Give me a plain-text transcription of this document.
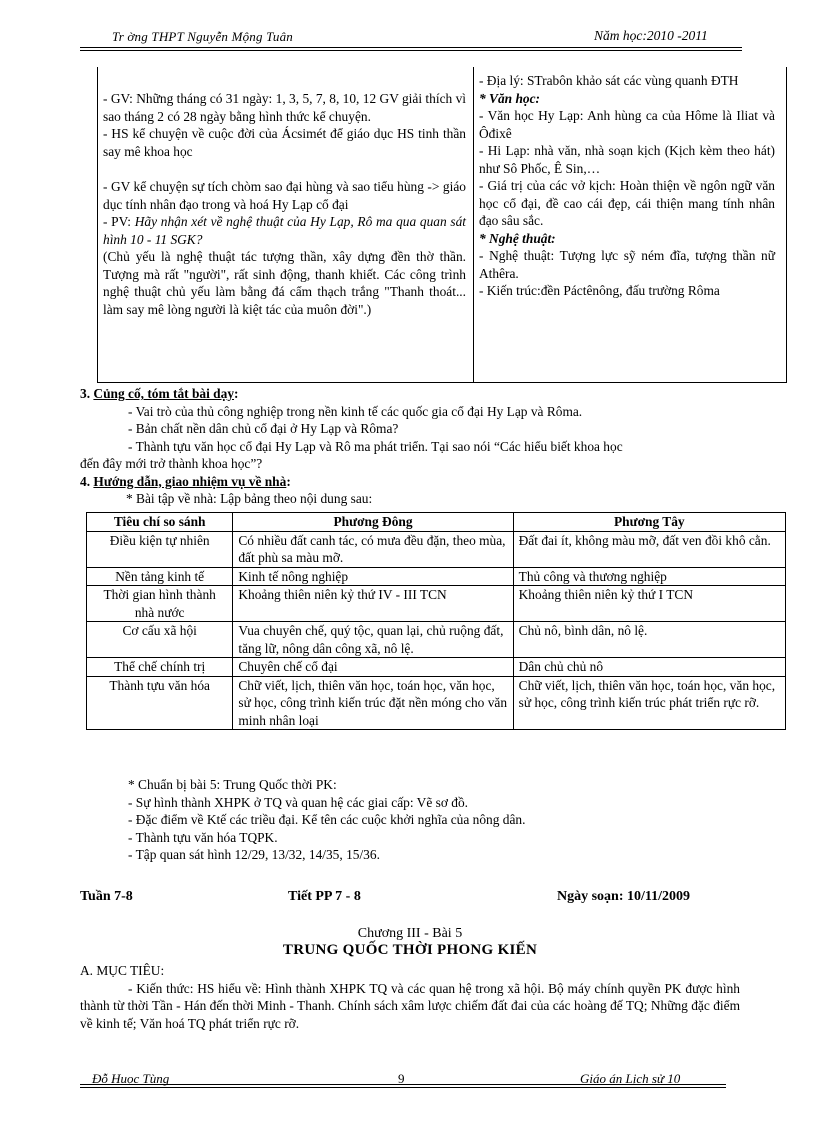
Tr ờng THPT Nguyễn Mộng Tuân	Năm học:2010 -2011

- GV: Những tháng có 31 ngày: 1, 3, 5, 7, 8, 10, 12 GV giải thích vì sao tháng 2 có 28 ngày bằng hình thức kể chuyện.

- HS kể chuyện về cuộc đời của Ácsimét để giáo dục HS tinh thần say mê khoa học

- GV kể chuyện sự tích chòm sao đại hùng và sao tiểu hùng -> giáo dục tính nhân đạo trong và hoá Hy Lạp cổ đại

- PV: Hãy nhận xét về nghệ thuật của Hy Lạp, Rô ma qua quan sát hình 10 - 11 SGK?

(Chủ yếu là nghệ thuật tác tượng thần, xây dựng đền thờ thần. Tượng mà rất "người", rất sinh động, thanh khiết. Các công trình nghệ thuật chủ yếu làm bằng đá cẩm thạch trắng "Thanh thoát... làm say mê lòng người là kiệt tác của muôn đời".)

- Địa lý: STrabôn khảo sát các vùng quanh ĐTH

* Văn học:

- Văn học Hy Lạp: Anh hùng ca của Hôme là Iliat và Ôđixê

- Hi Lạp: nhà văn, nhà soạn kịch (Kịch kèm theo hát) như Sô Phốc, Ê Sin,…

- Giá trị của các vở kịch: Hoàn thiện về ngôn ngữ văn học cổ đại, đề cao cái đẹp, cái thiện mang tính nhân đạo sâu sắc.

* Nghệ thuật:

- Nghệ thuật: Tượng lực sỹ ném đĩa, tượng thần nữ Athêra.

- Kiến trúc:đền Páctênông, đấu trường Rôma

3. Củng cố, tóm tắt bài dạy:

- Vai trò của thủ công nghiệp trong nền kinh tế các quốc gia cổ đại Hy Lạp và Rôma.

- Bản chất nền dân chủ cổ đại ở Hy Lạp và Rôma?

- Thành tựu văn học cổ đại Hy Lạp và Rô ma phát triển. Tại sao nói “Các hiểu biết khoa học

đến đây mới trở thành khoa học”?

4. Hướng dẫn, giao nhiệm vụ về nhà:

* Bài tập về nhà: Lập bảng theo nội dung sau:

Tiêu chí so sánh	Phương Đông	Phương Tây
Điều kiện tự nhiên	Có nhiều đất canh tác, có mưa đều đặn, theo mùa, đất phù sa màu mỡ.	Đất đai ít, không màu mỡ, đất ven đồi khô cằn.
Nền tảng kinh tế	Kinh tế nông nghiệp	Thủ công và thương nghiệp
Thời gian hình thành nhà nước	Khoảng thiên niên kỷ thứ IV - III TCN	Khoảng thiên niên kỷ thứ I TCN
Cơ cấu xã hội	Vua chuyên chế, quý tộc, quan lại, chủ ruộng đất, tăng lữ, nông dân công xã, nô lệ.	Chủ nô, bình dân, nô lệ.
Thể chế chính trị	Chuyên chế cổ đại	Dân chủ chủ nô
Thành tựu văn hóa	Chữ viết, lịch, thiên văn học, toán học, văn học, sử học, công trình kiến trúc đặt nền móng cho văn minh nhân loại	Chữ viết, lịch, thiên văn học, toán học, văn học, sử học, công trình kiến trúc phát triển rực rỡ.

* Chuẩn bị bài 5: Trung Quốc thời PK:

- Sự hình thành XHPK ở TQ và quan hệ các giai cấp: Vẽ sơ đồ.

- Đặc điểm về Ktế các triều đại. Kể tên các cuộc khởi nghĩa của nông dân.

- Thành tựu văn hóa TQPK.

- Tập quan sát hình 12/29, 13/32, 14/35, 15/36.

Tuần 7-8	Tiết PP 7 - 8	Ngày soạn: 10/11/2009
Chương III - Bài 5
TRUNG QUỐC THỜI PHONG KIẾN

A. MỤC TIÊU:

- Kiến thức: HS hiểu về: Hình thành XHPK TQ và các quan hệ trong xã hội. Bộ máy chính quyền PK được hình thành từ thời Tần - Hán đến thời Minh - Thanh. Chính sách xâm lược chiếm đất đai của các hoàng đế TQ; Những đặc điểm về kinh tế; Văn hoá TQ phát triển rực rỡ.

Đỗ Huọc Tùng	9	Giáo án Lịch sử 10
